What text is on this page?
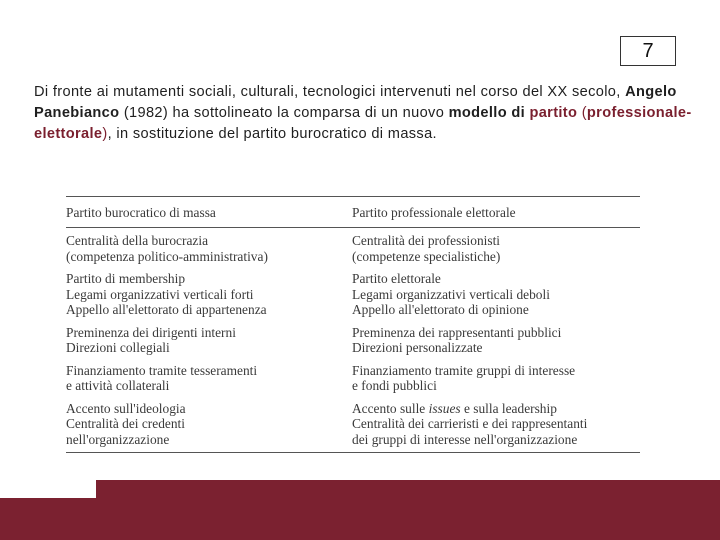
7
Di fronte ai mutamenti sociali, culturali, tecnologici intervenuti nel corso del XX secolo, Angelo Panebianco (1982) ha sottolineato la comparsa di un nuovo modello di partito (professionale-elettorale), in sostituzione del partito burocratico di massa.
Partito burocratico di massa	Partito professionale elettorale
Centralità della burocrazia
(competenza politico-amministrativa)
Centralità dei professionisti
(competenze specialistiche)
Partito di membership
Legami organizzativi verticali forti
Appello all'elettorato di appartenenza
Partito elettorale
Legami organizzativi verticali deboli
Appello all'elettorato di opinione
Preminenza dei dirigenti interni
Direzioni collegiali
Preminenza dei rappresentanti pubblici
Direzioni personalizzate
Finanziamento tramite tesseramenti
e attività collaterali
Finanziamento tramite gruppi di interesse
e fondi pubblici
Accento sull'ideologia
Centralità dei credenti
nell'organizzazione
Accento sulle issues e sulla leadership
Centralità dei carrieristi e dei rappresentanti
dei gruppi di interesse nell'organizzazione
